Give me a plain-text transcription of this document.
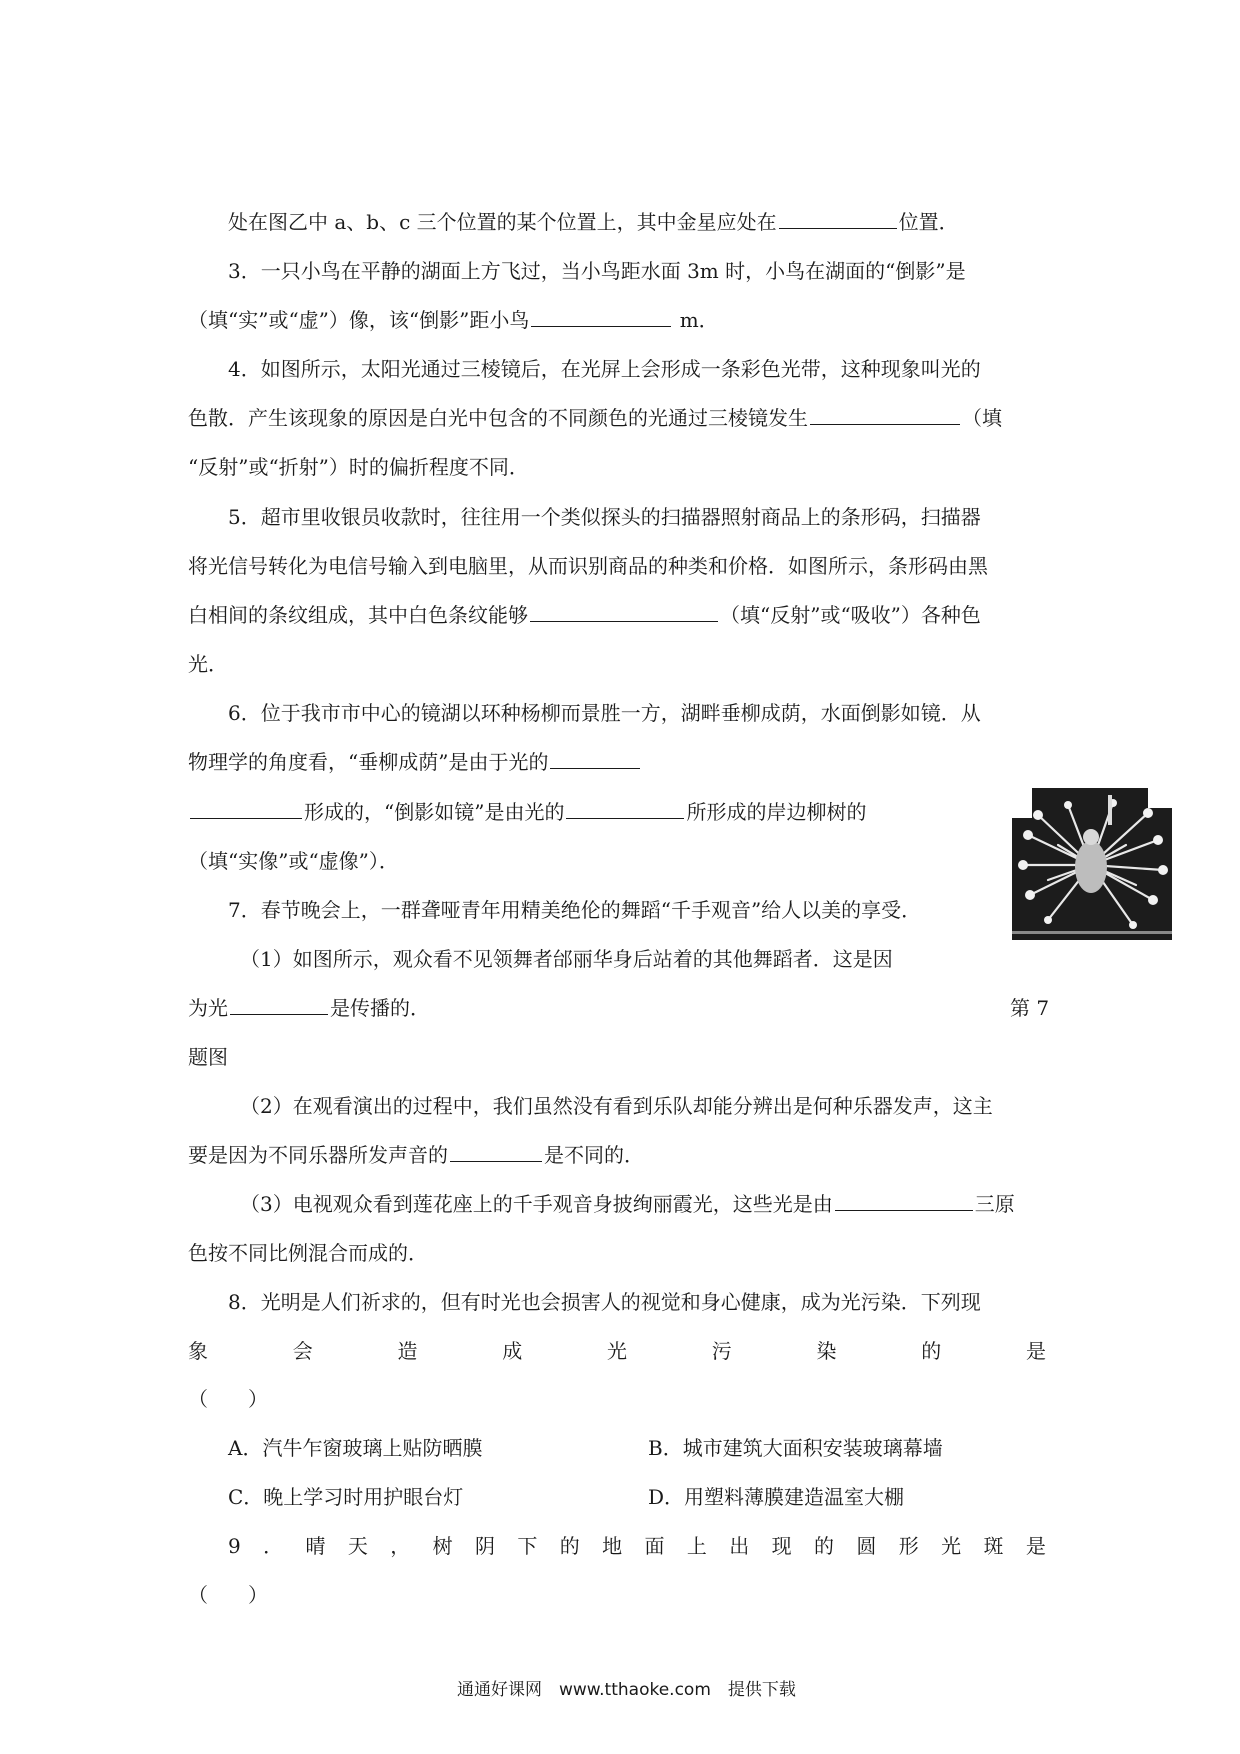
处在图乙中 a、b、c 三个位置的某个位置上，其中金星应处在	位置．
3．一只小鸟在平静的湖面上方飞过，当小鸟距水面 3m 时，小鸟在湖面的“倒影”是
（填“实”或“虚”）像，该“倒影”距小鸟	m．
4．如图所示，太阳光通过三棱镜后，在光屏上会形成一条彩色光带，这种现象叫光的
色散．产生该现象的原因是白光中包含的不同颜色的光通过三棱镜发生	（填
“反射”或“折射”）时的偏折程度不同．
5．超市里收银员收款时，往往用一个类似探头的扫描器照射商品上的条形码，扫描器
将光信号转化为电信号输入到电脑里，从而识别商品的种类和价格．如图所示，条形码由黑
白相间的条纹组成，其中白色条纹能够	（填“反射”或“吸收”）各种色
光．
6．位于我市市中心的镜湖以环种杨柳而景胜一方，湖畔垂柳成荫，水面倒影如镜．从
物理学的角度看，“垂柳成荫”是由于光的
形成的，“倒影如镜”是由光的	所形成的岸边柳树的
（填“实像”或“虚像”）．
7．春节晚会上，一群聋哑青年用精美绝伦的舞蹈“千手观音”给人以美的享受．
（1）如图所示，观众看不见领舞者邰丽华身后站着的其他舞蹈者．这是因
为光	是传播的．	第 7
题图
（2）在观看演出的过程中，我们虽然没有看到乐队却能分辨出是何种乐器发声，这主
要是因为不同乐器所发声音的	是不同的．
（3）电视观众看到莲花座上的千手观音身披绚丽霞光，这些光是由	三原
色按不同比例混合而成的．
8．光明是人们祈求的，但有时光也会损害人的视觉和身心健康，成为光污染．下列现
象	会	造	成	光	污	染	的	是
（　　）
A．汽牛乍窗玻璃上贴防晒膜	B．城市建筑大面积安装玻璃幕墙
C．晚上学习时用护眼台灯	D．用塑料薄膜建造温室大棚
9 ． 晴 天 ， 树 阴 下 的 地 面 上 出 现 的 圆 形 光 斑 是
（　　）
通通好课网　www.tthaoke.com　提供下载
